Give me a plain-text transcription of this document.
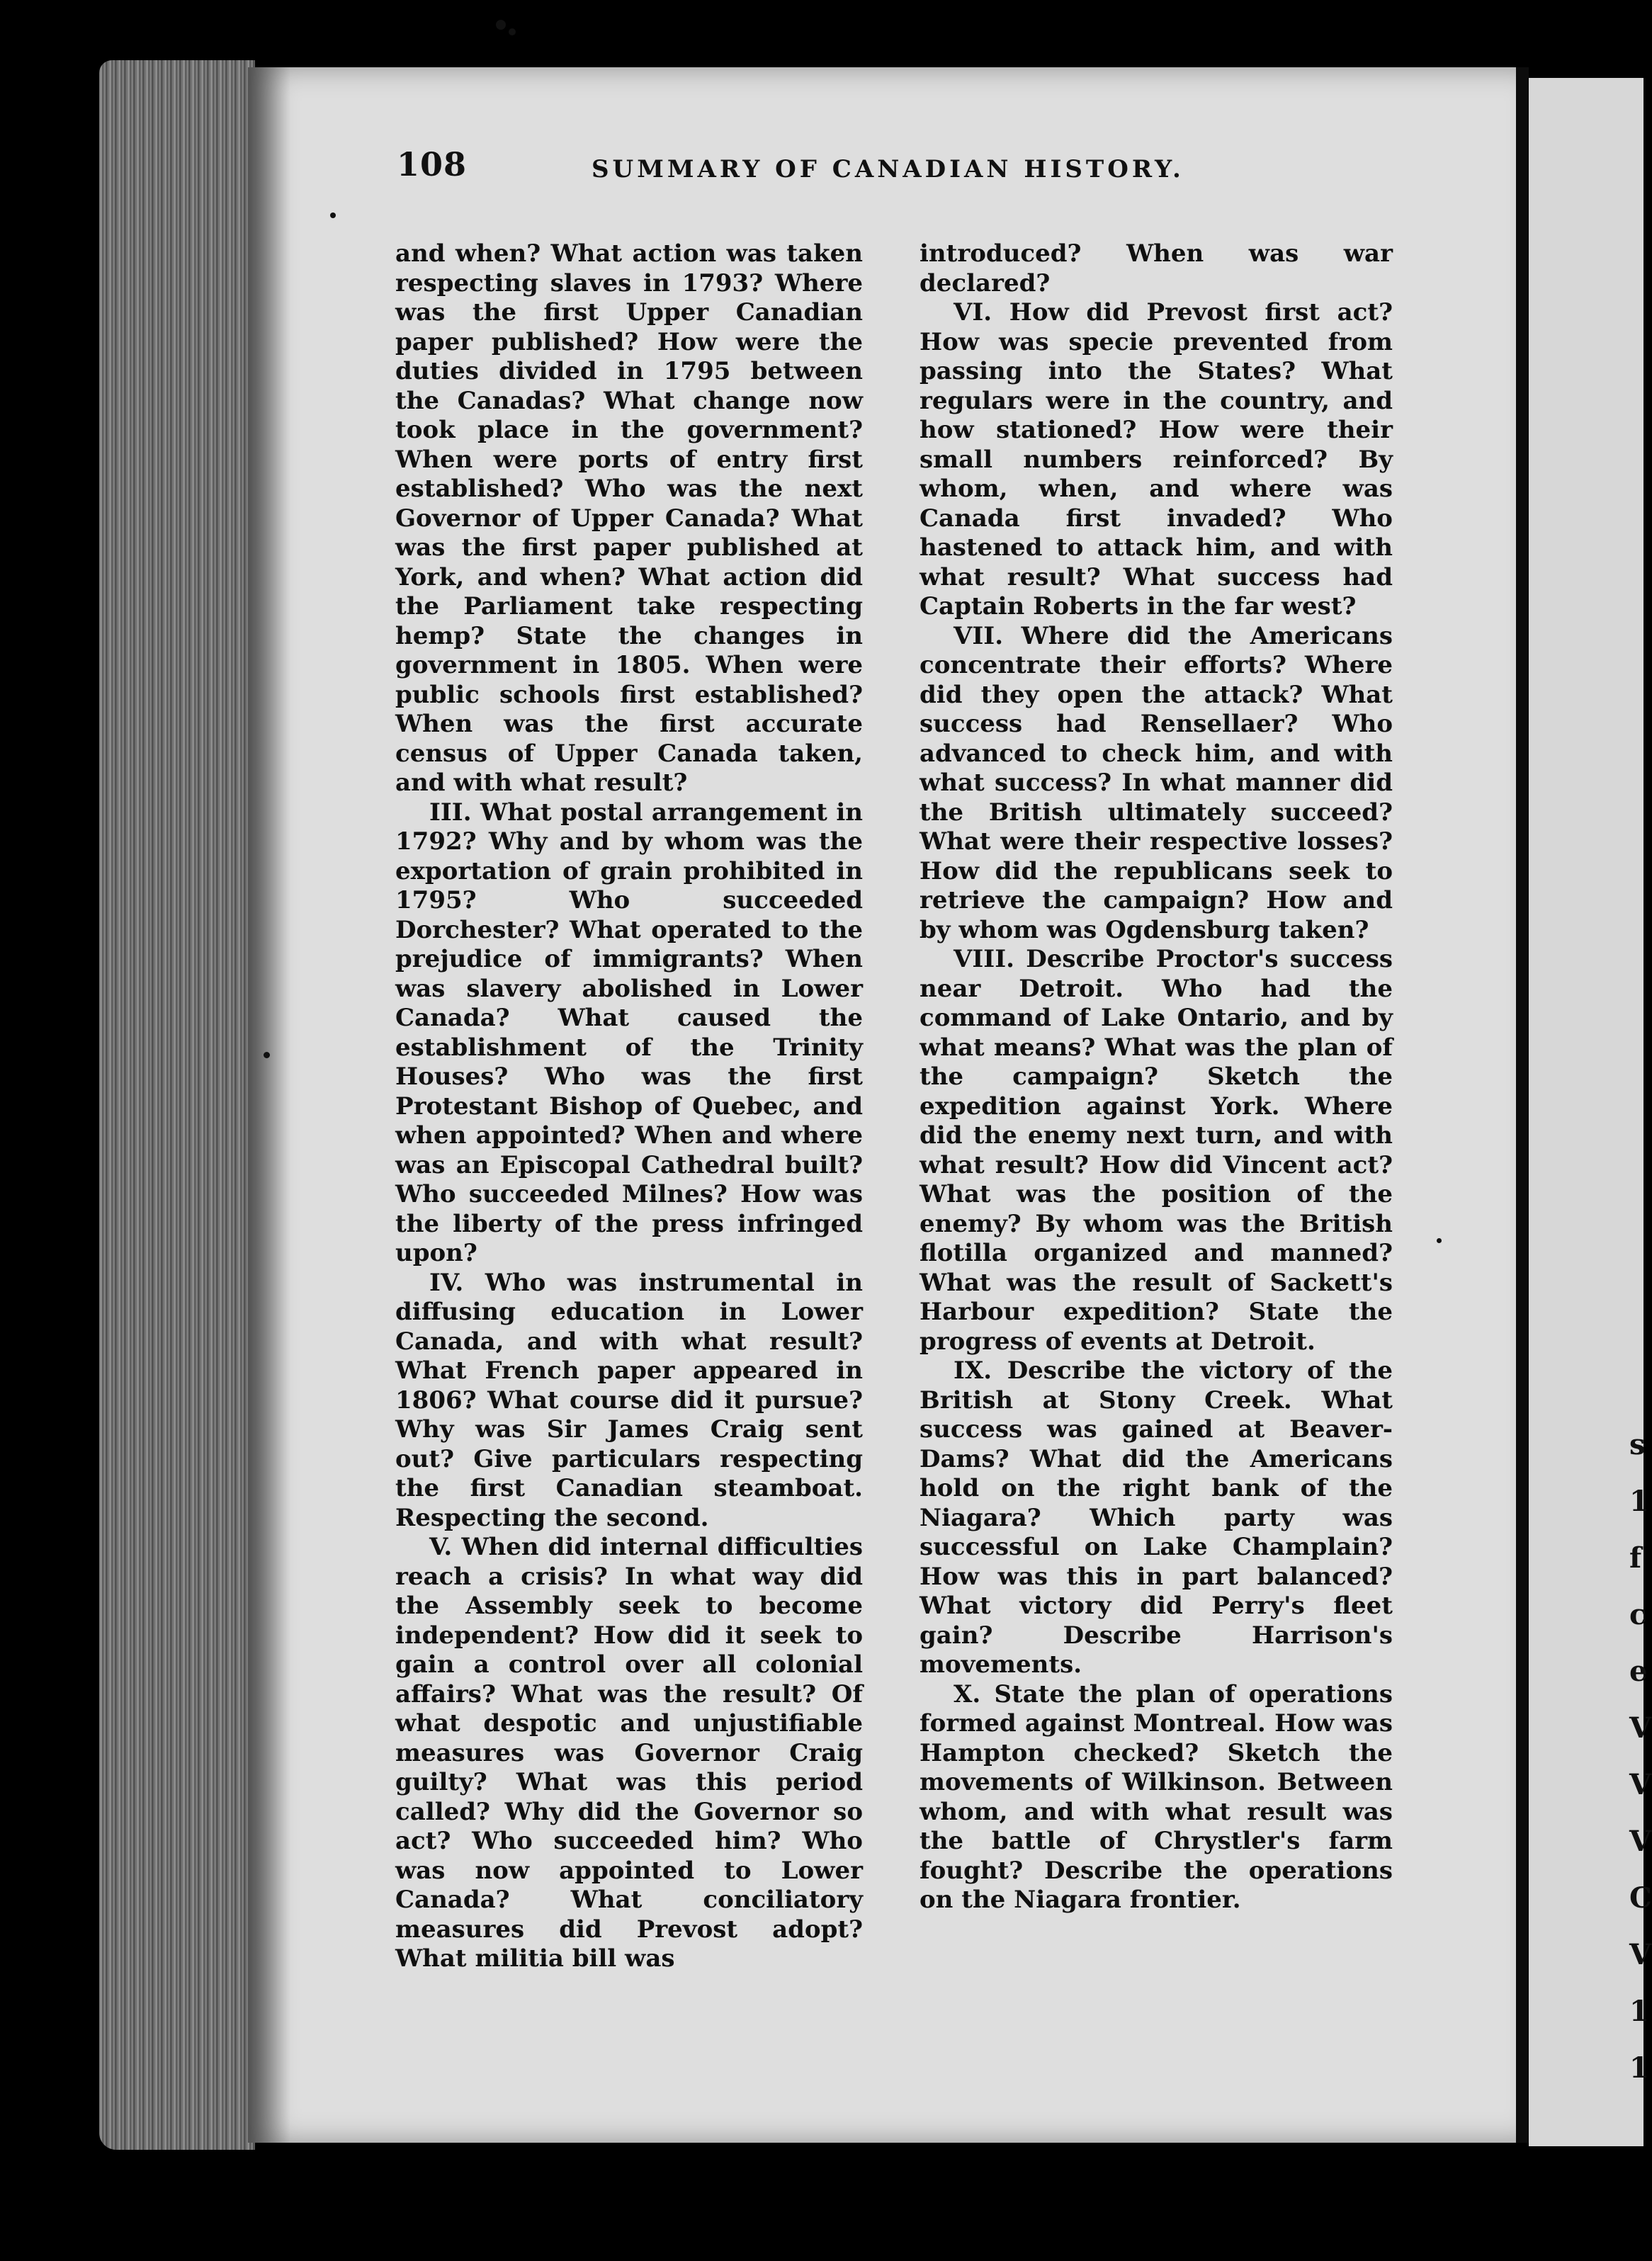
s
1
f
c
e
V
V
V
C
V
1
1
108	SUMMARY OF CANADIAN HISTORY.

and when? What action was taken respecting slaves in 1793? Where was the first Upper Canadian paper published? How were the duties divided in 1795 between the Canadas? What change now took place in the government? When were ports of entry first established? Who was the next Governor of Upper Canada? What was the first paper published at York, and when? What action did the Parliament take respecting hemp? State the changes in government in 1805. When were public schools first established? When was the first accurate census of Upper Canada taken, and with what result?

III. What postal arrangement in 1792? Why and by whom was the exportation of grain prohibited in 1795? Who succeeded Dorchester? What operated to the prejudice of immigrants? When was slavery abolished in Lower Canada? What caused the establishment of the Trinity Houses? Who was the first Protestant Bishop of Quebec, and when appointed? When and where was an Episcopal Cathedral built? Who succeeded Milnes? How was the liberty of the press infringed upon?

IV. Who was instrumental in diffusing education in Lower Canada, and with what result? What French paper appeared in 1806? What course did it pursue? Why was Sir James Craig sent out? Give particulars respecting the first Canadian steamboat. Respecting the second.

V. When did internal difficulties reach a crisis? In what way did the Assembly seek to become independent? How did it seek to gain a control over all colonial affairs? What was the result? Of what despotic and unjustifiable measures was Governor Craig guilty? What was this period called? Why did the Governor so act? Who succeeded him? Who was now appointed to Lower Canada? What conciliatory measures did Prevost adopt? What militia bill was

introduced? When was war declared?

VI. How did Prevost first act? How was specie prevented from passing into the States? What regulars were in the country, and how stationed? How were their small numbers reinforced? By whom, when, and where was Canada first invaded? Who hastened to attack him, and with what result? What success had Captain Roberts in the far west?

VII. Where did the Americans concentrate their efforts? Where did they open the attack? What success had Rensellaer? Who advanced to check him, and with what success? In what manner did the British ultimately succeed? What were their respective losses? How did the republicans seek to retrieve the campaign? How and by whom was Ogdensburg taken?

VIII. Describe Proctor's success near Detroit. Who had the command of Lake Ontario, and by what means? What was the plan of the campaign? Sketch the expedition against York. Where did the enemy next turn, and with what result? How did Vincent act? What was the position of the enemy? By whom was the British flotilla organized and manned? What was the result of Sackett's Harbour expedition? State the progress of events at Detroit.

IX. Describe the victory of the British at Stony Creek. What success was gained at Beaver-Dams? What did the Americans hold on the right bank of the Niagara? Which party was successful on Lake Champlain? How was this in part balanced? What victory did Perry's fleet gain? Describe Harrison's movements.

X. State the plan of operations formed against Montreal. How was Hampton checked? Sketch the movements of Wilkinson. Between whom, and with what result was the battle of Chrystler's farm fought? Describe the operations on the Niagara frontier.
